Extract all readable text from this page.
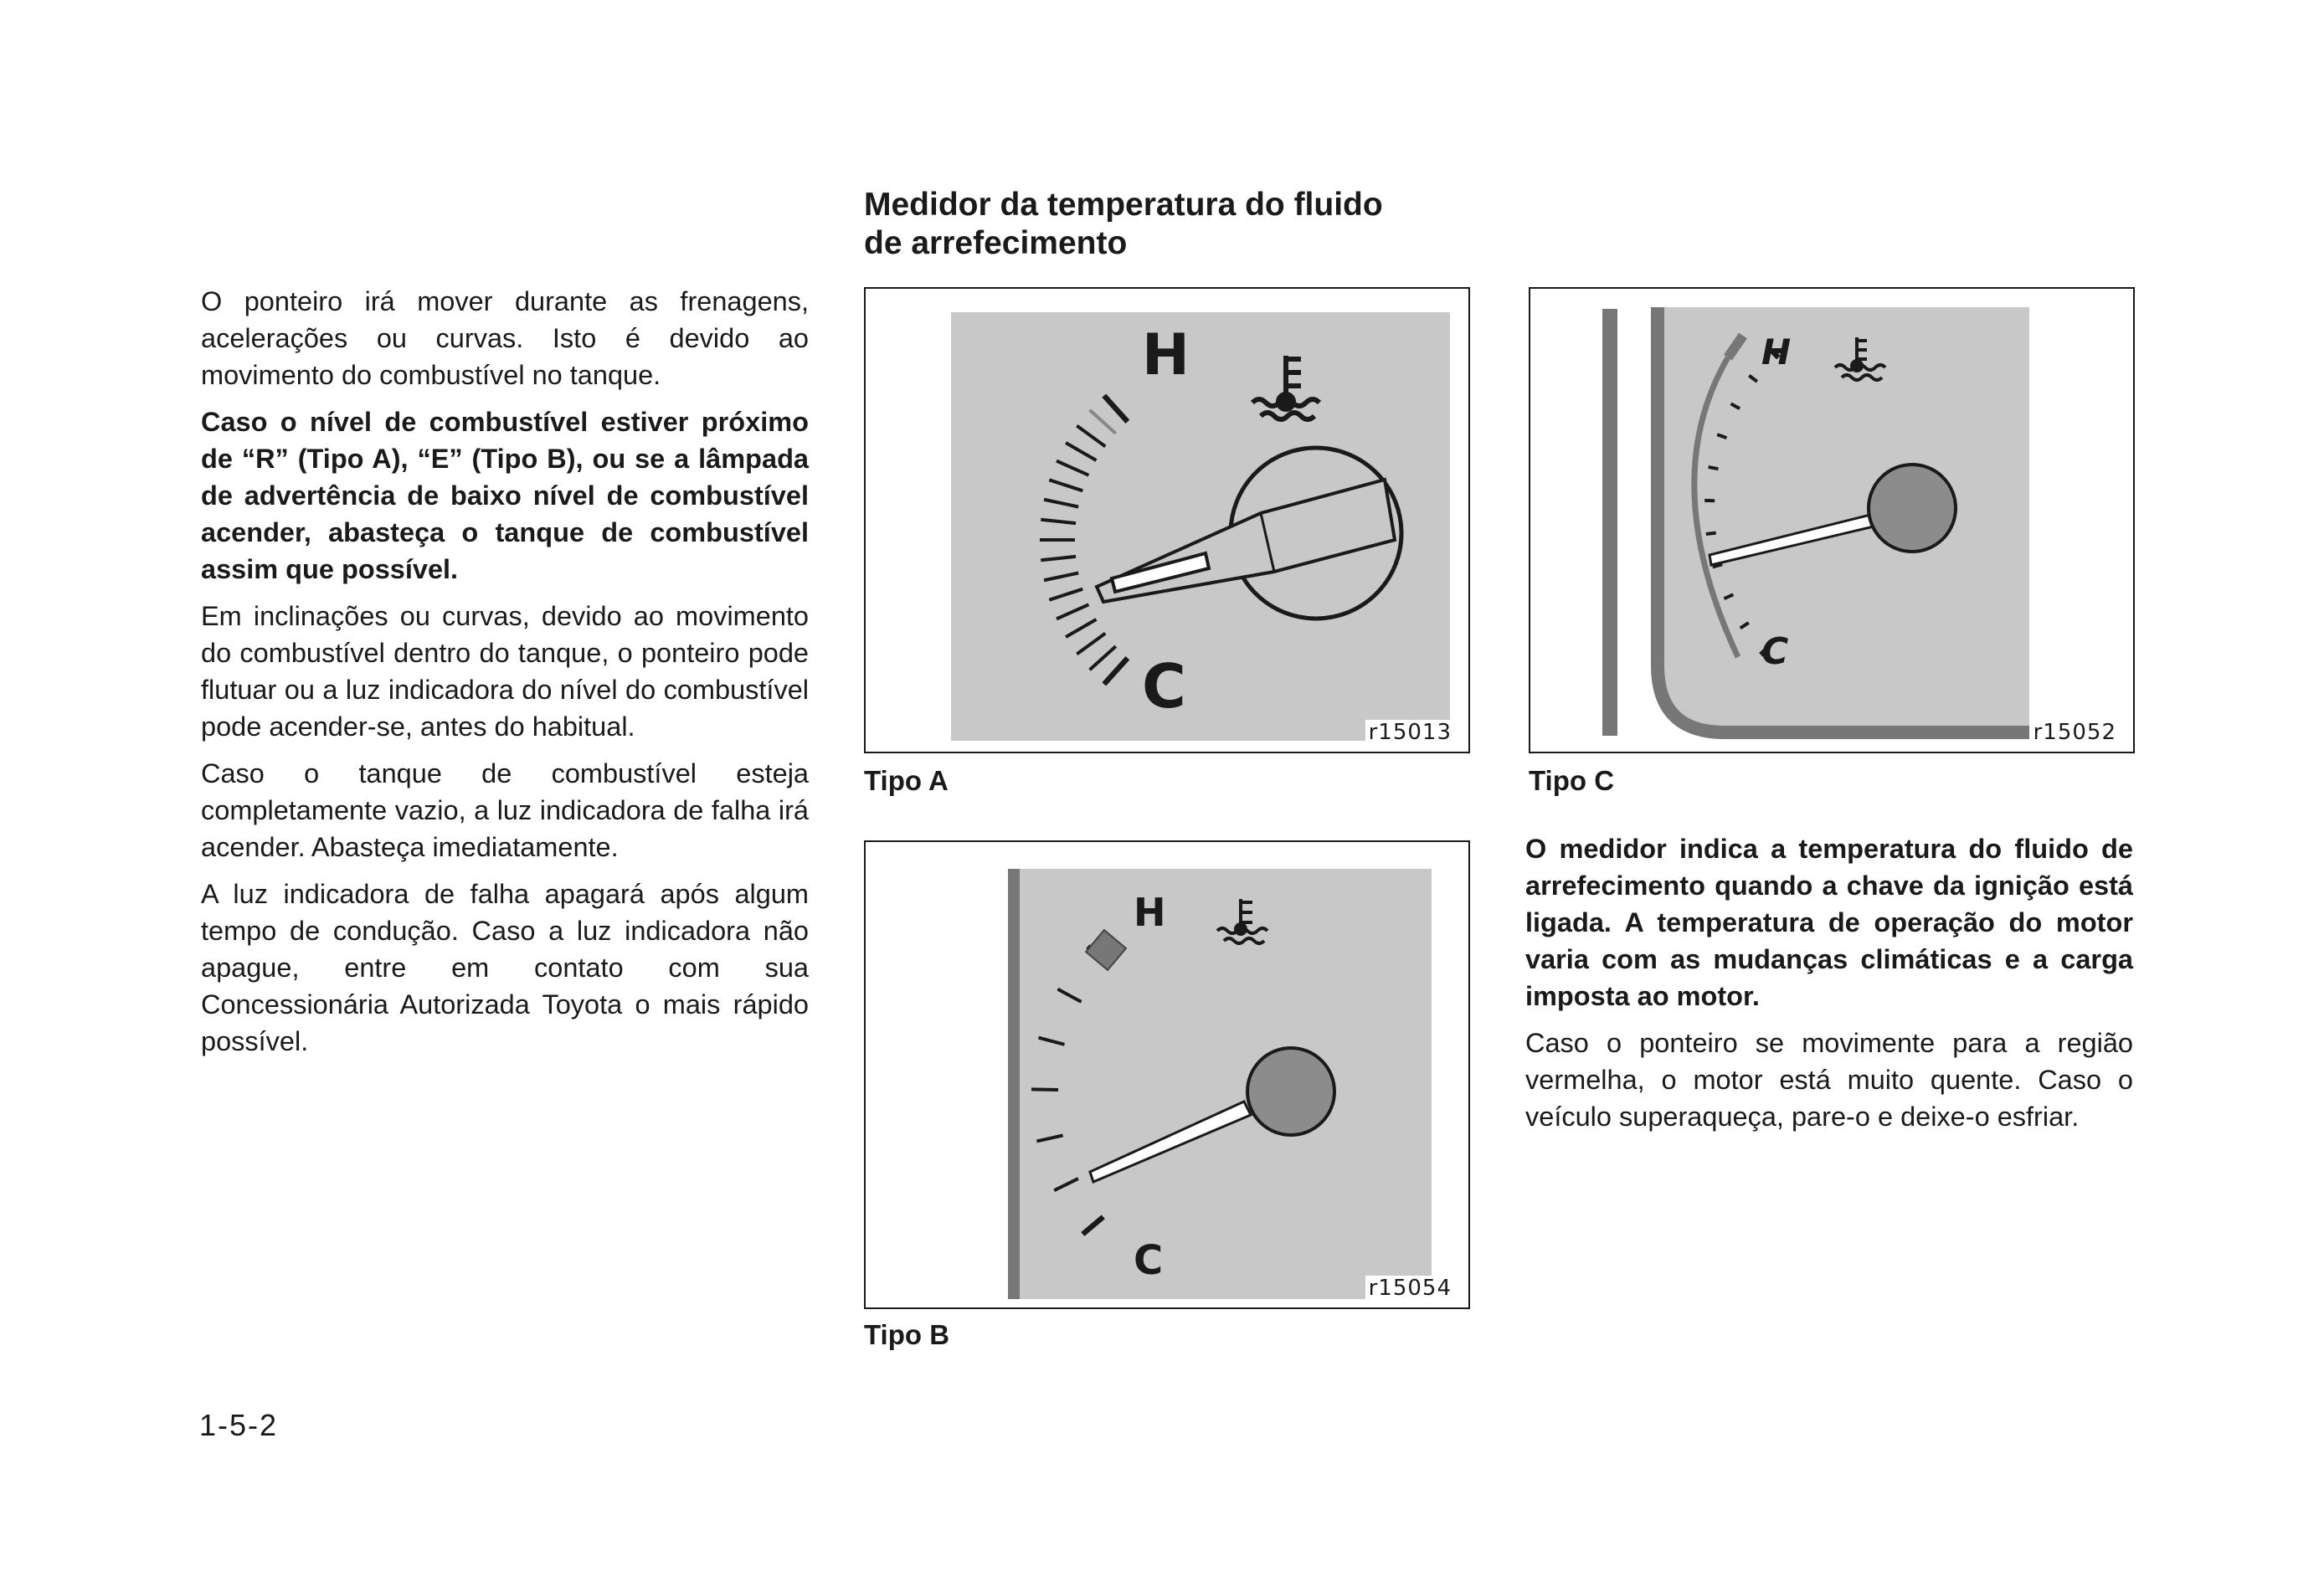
O ponteiro irá mover durante as frenagens, acelerações ou curvas. Isto é devido ao movimento do combustível no tanque.

Caso o nível de combustível estiver próximo de “R” (Tipo A), “E” (Tipo B), ou se a lâmpada de advertência de baixo nível de combustível acender, abasteça o tanque de combustível assim que possível.

Em inclinações ou curvas, devido ao movimento do combustível dentro do tanque, o ponteiro pode flutuar ou a luz indicadora do nível do combustível pode acender-se, antes do habitual.

Caso o tanque de combustível esteja completamente vazio, a luz indicadora de falha irá acender. Abasteça imediatamente.

A luz indicadora de falha apagará após algum tempo de condução. Caso a luz indicadora não apague, entre em contato com sua Concessionária Autorizada Toyota o mais rápido possível.

Medidor da temperatura do fluido
de arrefecimento
H
C
r15013

Tipo A

H
C
r15054

Tipo B

H
C
r15052

Tipo C

O medidor indica a temperatura do fluido de arrefecimento quando a chave da ignição está ligada. A temperatura de operação do motor varia com as mudanças climáticas e a carga imposta ao motor.

Caso o ponteiro se movimente para a região vermelha, o motor está muito quente. Caso o veículo superaqueça, pare-o e deixe-o esfriar.

1-5-2
